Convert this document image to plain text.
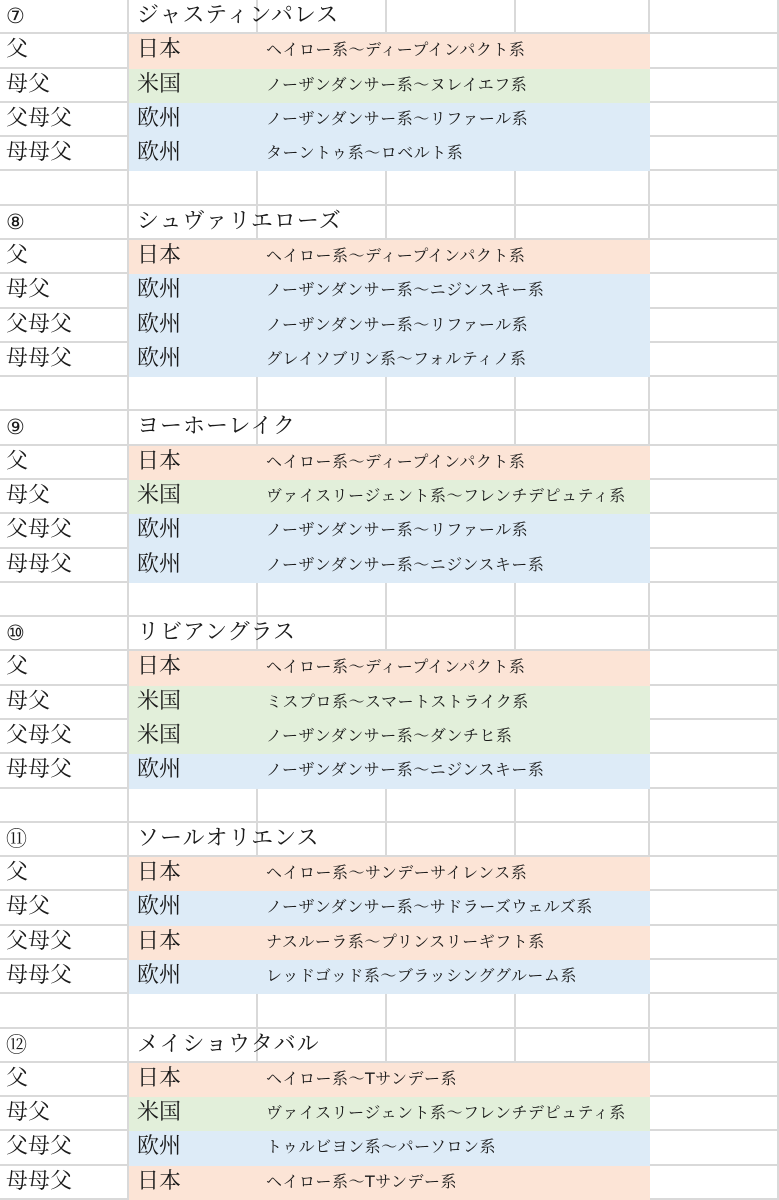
⑦	ジャスティンパレス
父	日本	ヘイロー系～ディープインパクト系
母父	米国	ノーザンダンサー系～ヌレイエフ系
父母父	欧州	ノーザンダンサー系～リファール系
母母父	欧州	ターントゥ系～ロベルト系
⑧	シュヴァリエローズ
父	日本	ヘイロー系～ディープインパクト系
母父	欧州	ノーザンダンサー系～ニジンスキー系
父母父	欧州	ノーザンダンサー系～リファール系
母母父	欧州	グレイソブリン系～フォルティノ系
⑨	ヨーホーレイク
父	日本	ヘイロー系～ディープインパクト系
母父	米国	ヴァイスリージェント系～フレンチデピュティ系
父母父	欧州	ノーザンダンサー系～リファール系
母母父	欧州	ノーザンダンサー系～ニジンスキー系
⑩	リビアングラス
父	日本	ヘイロー系～ディープインパクト系
母父	米国	ミスプロ系～スマートストライク系
父母父	米国	ノーザンダンサー系～ダンチヒ系
母母父	欧州	ノーザンダンサー系～ニジンスキー系
⑪	ソールオリエンス
父	日本	ヘイロー系～サンデーサイレンス系
母父	欧州	ノーザンダンサー系～サドラーズウェルズ系
父母父	日本	ナスルーラ系～プリンスリーギフト系
母母父	欧州	レッドゴッド系～ブラッシンググルーム系
⑫	メイショウタバル
父	日本	ヘイロー系～Tサンデー系
母父	米国	ヴァイスリージェント系～フレンチデピュティ系
父母父	欧州	トゥルビヨン系～パーソロン系
母母父	日本	ヘイロー系～Tサンデー系
